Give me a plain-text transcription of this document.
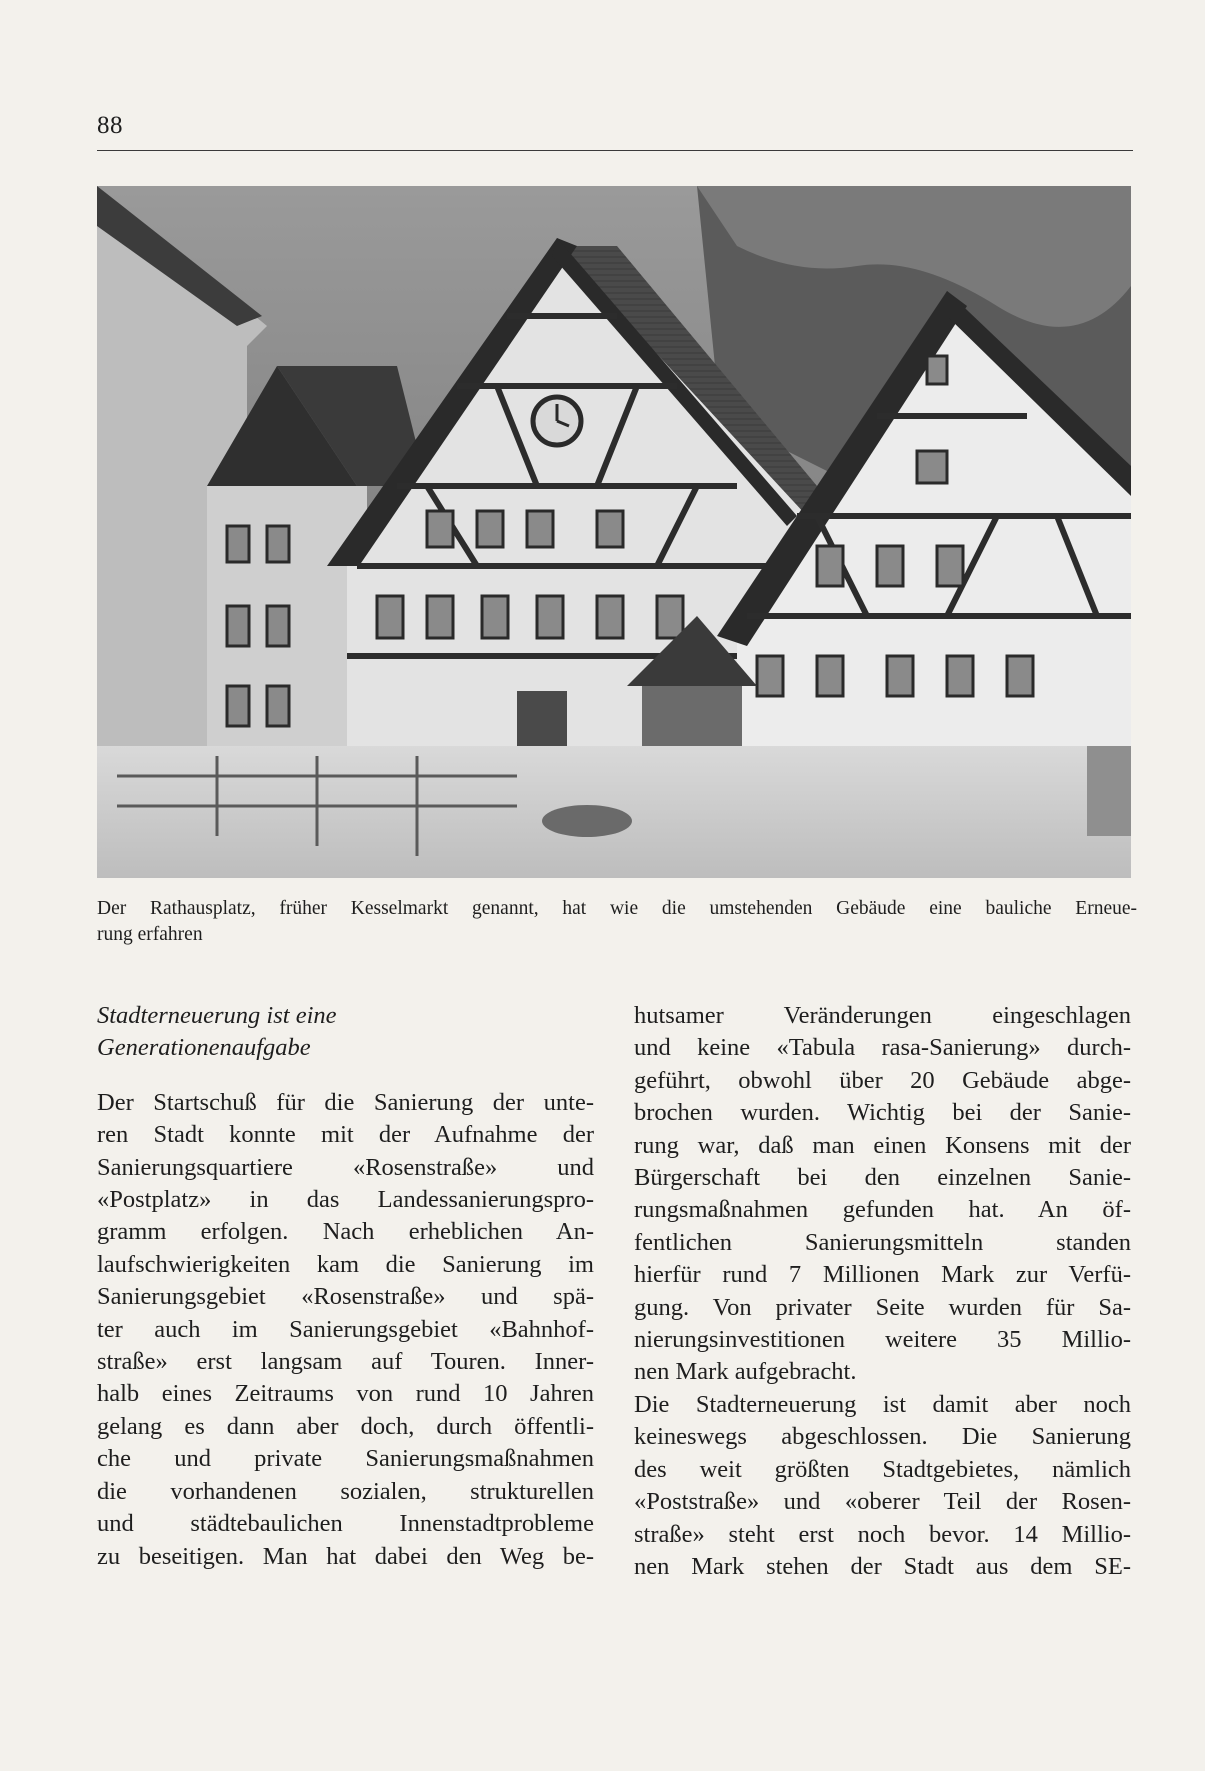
88
Der Rathausplatz, früher Kesselmarkt genannt, hat wie die umstehenden Gebäude eine bauliche Erneue-
rung erfahren
Stadterneuerung ist eine
Generationenaufgabe
Der Startschuß für die Sanierung der unte-
ren Stadt konnte mit der Aufnahme der
Sanierungsquartiere «Rosenstraße» und
«Postplatz» in das Landessanierungspro-
gramm erfolgen. Nach erheblichen An-
laufschwierigkeiten kam die Sanierung im
Sanierungsgebiet «Rosenstraße» und spä-
ter auch im Sanierungsgebiet «Bahnhof-
straße» erst langsam auf Touren. Inner-
halb eines Zeitraums von rund 10 Jahren
gelang es dann aber doch, durch öffentli-
che und private Sanierungsmaßnahmen
die vorhandenen sozialen, strukturellen
und städtebaulichen Innenstadtprobleme
zu beseitigen. Man hat dabei den Weg be-
hutsamer Veränderungen eingeschlagen
und keine «Tabula rasa-Sanierung» durch-
geführt, obwohl über 20 Gebäude abge-
brochen wurden. Wichtig bei der Sanie-
rung war, daß man einen Konsens mit der
Bürgerschaft bei den einzelnen Sanie-
rungsmaßnahmen gefunden hat. An öf-
fentlichen Sanierungsmitteln standen
hierfür rund 7 Millionen Mark zur Verfü-
gung. Von privater Seite wurden für Sa-
nierungsinvestitionen weitere 35 Millio-
nen Mark aufgebracht.
Die Stadterneuerung ist damit aber noch
keineswegs abgeschlossen. Die Sanierung
des weit größten Stadtgebietes, nämlich
«Poststraße» und «oberer Teil der Rosen-
straße» steht erst noch bevor. 14 Millio-
nen Mark stehen der Stadt aus dem SE-
